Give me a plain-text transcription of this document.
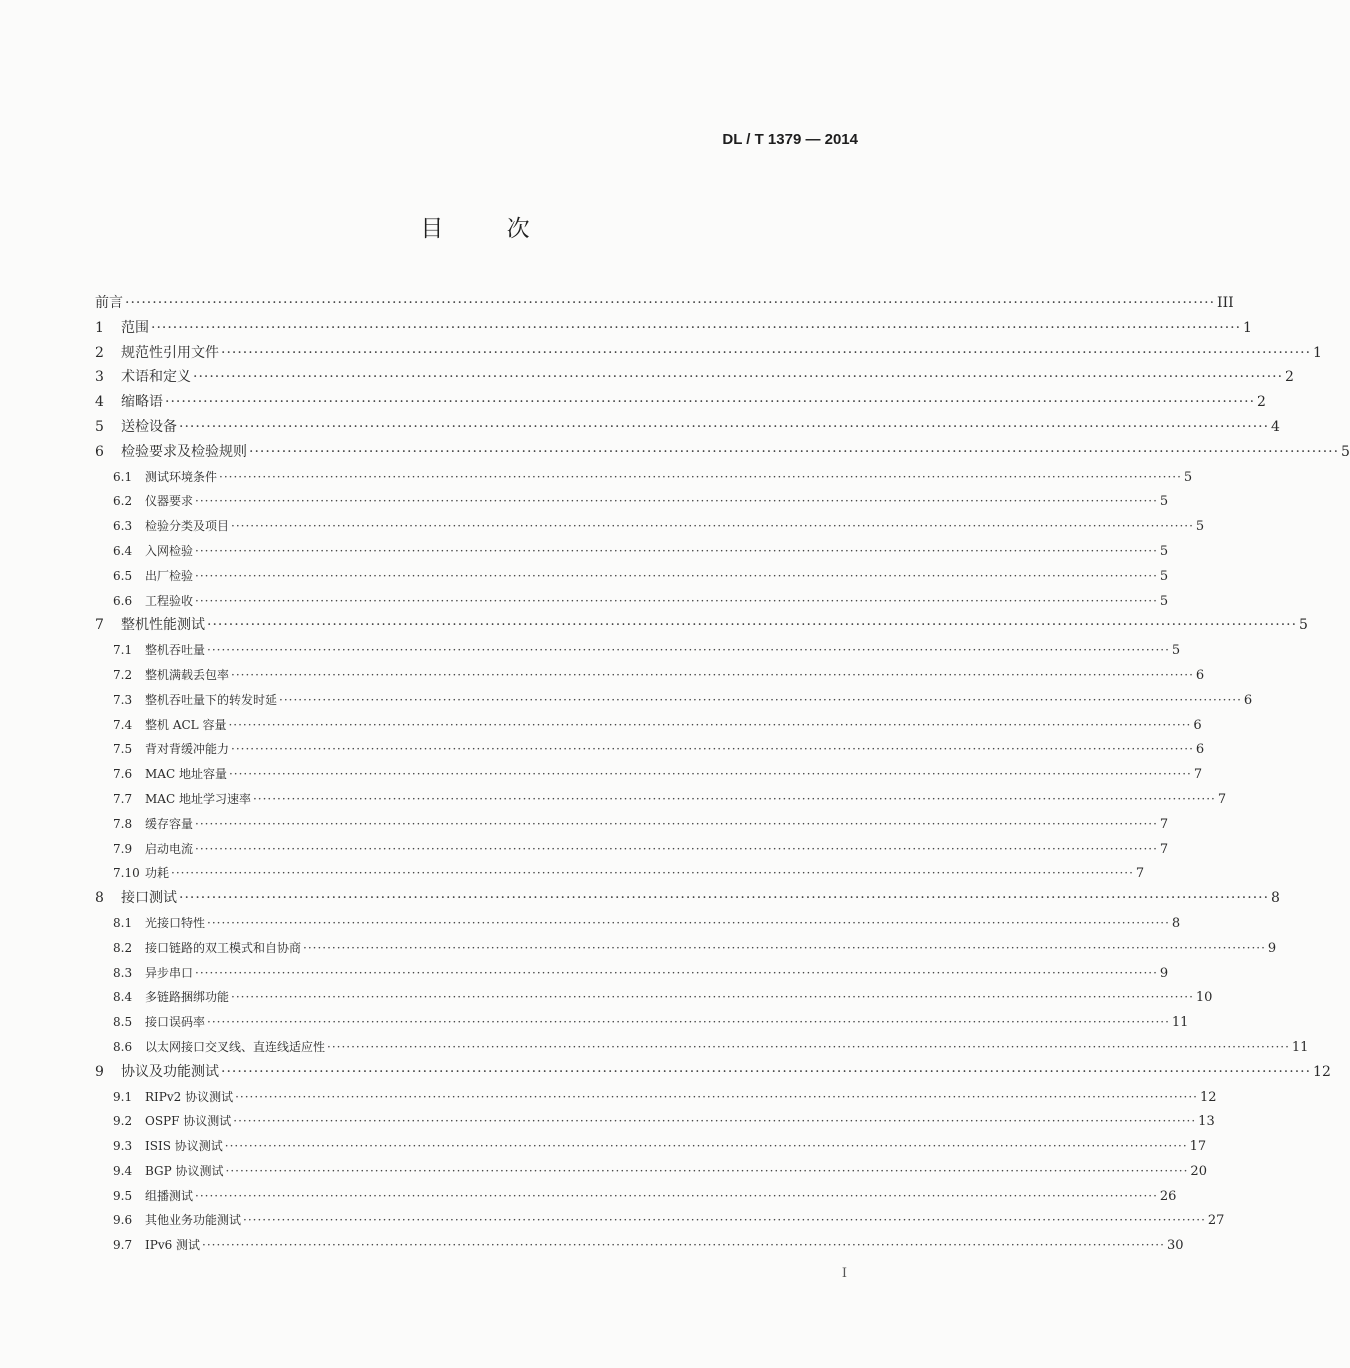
DL / T 1379 — 2014
目	次
前言 ········································································································································································································ III
1	范围 ········································································································································································································ 1
2	规范性引用文件 ········································································································································································································ 1
3	术语和定义 ········································································································································································································ 2
4	缩略语 ········································································································································································································ 2
5	送检设备 ········································································································································································································ 4
6	检验要求及检验规则 ········································································································································································································ 5
6.1	测试环境条件 ········································································································································································································ 5
6.2	仪器要求 ········································································································································································································ 5
6.3	检验分类及项目 ········································································································································································································ 5
6.4	入网检验 ········································································································································································································ 5
6.5	出厂检验 ········································································································································································································ 5
6.6	工程验收 ········································································································································································································ 5
7	整机性能测试 ········································································································································································································ 5
7.1	整机吞吐量 ········································································································································································································ 5
7.2	整机满载丢包率 ········································································································································································································ 6
7.3	整机吞吐量下的转发时延 ········································································································································································································ 6
7.4	整机 ACL 容量 ········································································································································································································ 6
7.5	背对背缓冲能力 ········································································································································································································ 6
7.6	MAC 地址容量 ········································································································································································································ 7
7.7	MAC 地址学习速率 ········································································································································································································ 7
7.8	缓存容量 ········································································································································································································ 7
7.9	启动电流 ········································································································································································································ 7
7.10 功耗 ········································································································································································································ 7
8	接口测试 ········································································································································································································ 8
8.1	光接口特性 ········································································································································································································ 8
8.2	接口链路的双工模式和自协商 ········································································································································································································ 9
8.3	异步串口 ········································································································································································································ 9
8.4	多链路捆绑功能 ········································································································································································································ 10
8.5	接口误码率 ········································································································································································································ 11
8.6	以太网接口交叉线、直连线适应性 ········································································································································································································ 11
9	协议及功能测试 ········································································································································································································ 12
9.1	RIPv2 协议测试 ········································································································································································································ 12
9.2	OSPF 协议测试 ········································································································································································································ 13
9.3	ISIS 协议测试 ········································································································································································································ 17
9.4	BGP 协议测试 ········································································································································································································ 20
9.5	组播测试 ········································································································································································································ 26
9.6	其他业务功能测试 ········································································································································································································ 27
9.7	IPv6 测试 ········································································································································································································ 30
I
